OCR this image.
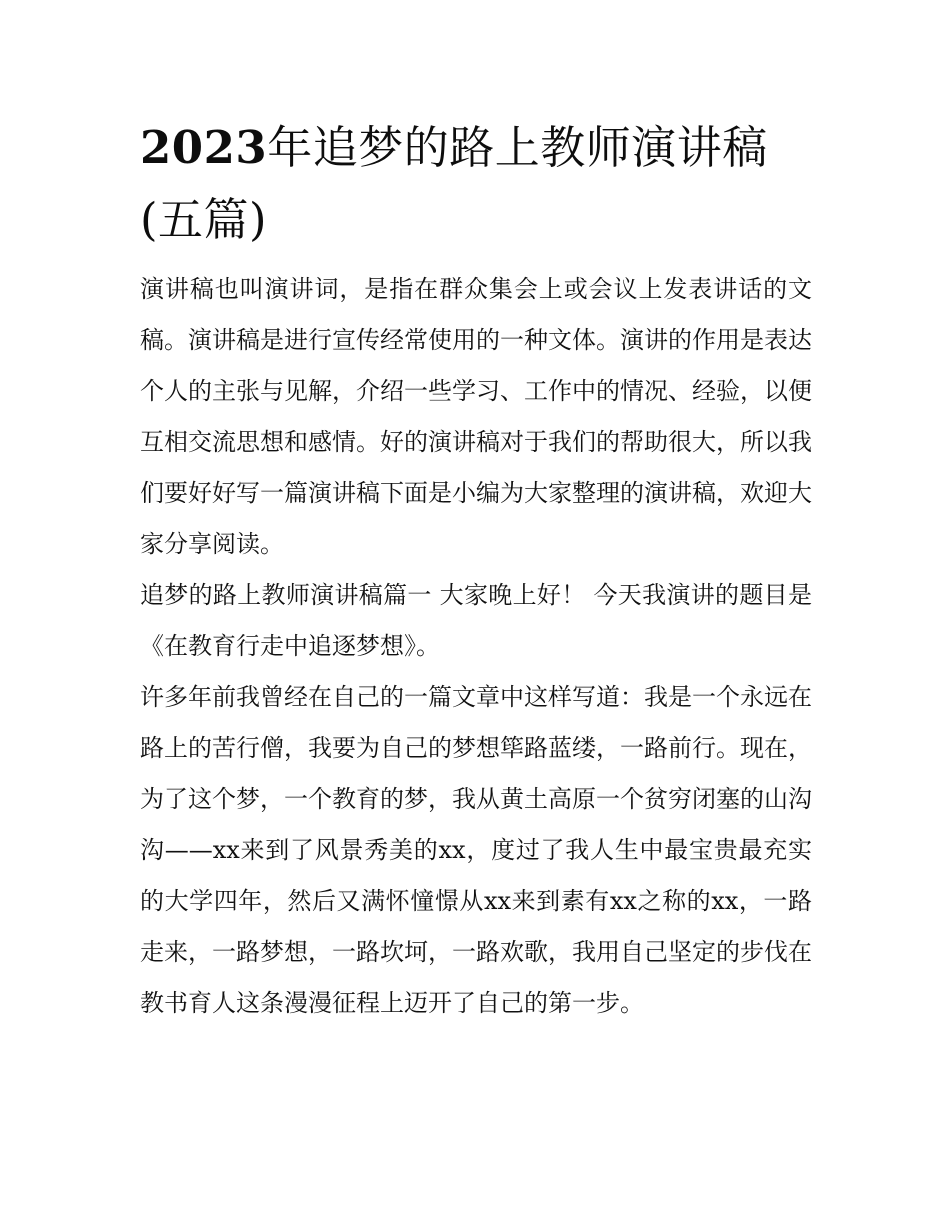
2023年追梦的路上教师演讲稿(五篇)

演讲稿也叫演讲词，是指在群众集会上或会议上发表讲话的文稿。演讲稿是进行宣传经常使用的一种文体。演讲的作用是表达个人的主张与见解，介绍一些学习、工作中的情况、经验，以便互相交流思想和感情。好的演讲稿对于我们的帮助很大，所以我们要好好写一篇演讲稿下面是小编为大家整理的演讲稿，欢迎大家分享阅读。

追梦的路上教师演讲稿篇一 大家晚上好！ 今天我演讲的题目是《在教育行走中追逐梦想》。

许多年前我曾经在自己的一篇文章中这样写道：我是一个永远在路上的苦行僧，我要为自己的梦想筚路蓝缕，一路前行。现在，为了这个梦，一个教育的梦，我从黄土高原一个贫穷闭塞的山沟沟——xx来到了风景秀美的xx，度过了我人生中最宝贵最充实的大学四年，然后又满怀憧憬从xx来到素有xx之称的xx，一路走来，一路梦想，一路坎坷，一路欢歌，我用自己坚定的步伐在教书育人这条漫漫征程上迈开了自己的第一步。
